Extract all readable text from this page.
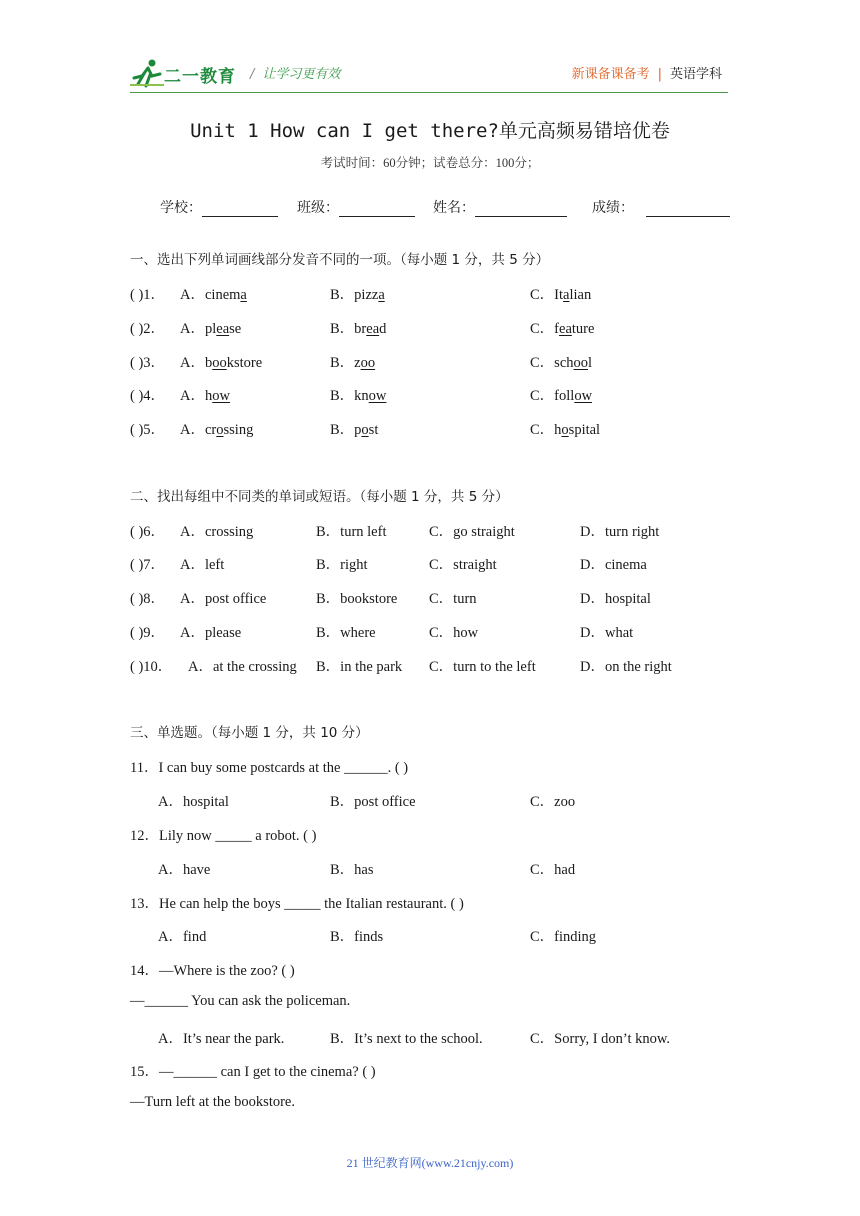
二一教育 / 让学习更有效	新课备课备考 | 英语学科
Unit 1 How can I get there?单元高频易错培优卷
考试时间：60分钟；试卷总分：100分；
学校：	班级：	姓名：	成绩：
一、选出下列单词画线部分发音不同的一项。（每小题 1 分，共 5 分）
( )1． A．cinema	B．pizza	C．Italian
( )2． A．please	B．bread	C．feature
( )3． A．bookstore	B．zoo	C．school
( )4． A．how	B．know	C．follow
( )5． A．crossing	B．post	C．hospital
二、找出每组中不同类的单词或短语。（每小题 1 分，共 5 分）
( )6． A．crossing	B．turn left	C．go straight	D．turn right
( )7． A．left	B．right	C．straight	D．cinema
( )8． A．post office	B．bookstore C．turn	D．hospital
( )9． A．please	B．where	C．how	D．what
( )10． A．at the crossing B．in the park C．turn to the left	D．on the right
三、单选题。（每小题 1 分，共 10 分）
11．I can buy some postcards at the ______. ( )
A．hospital	B．post office	C．zoo
12．Lily now _____ a robot. ( )
A．have	B．has	C．had
13．He can help the boys _____ the Italian restaurant. ( )
A．find	B．finds	C．finding
14．—Where is the zoo? ( )
—______ You can ask the policeman.
A．It’s near the park.	B．It’s next to the school.	C．Sorry, I don’t know.
15．—______ can I get to the cinema? ( )
—Turn left at the bookstore.
21 世纪教育网(www.21cnjy.com)
